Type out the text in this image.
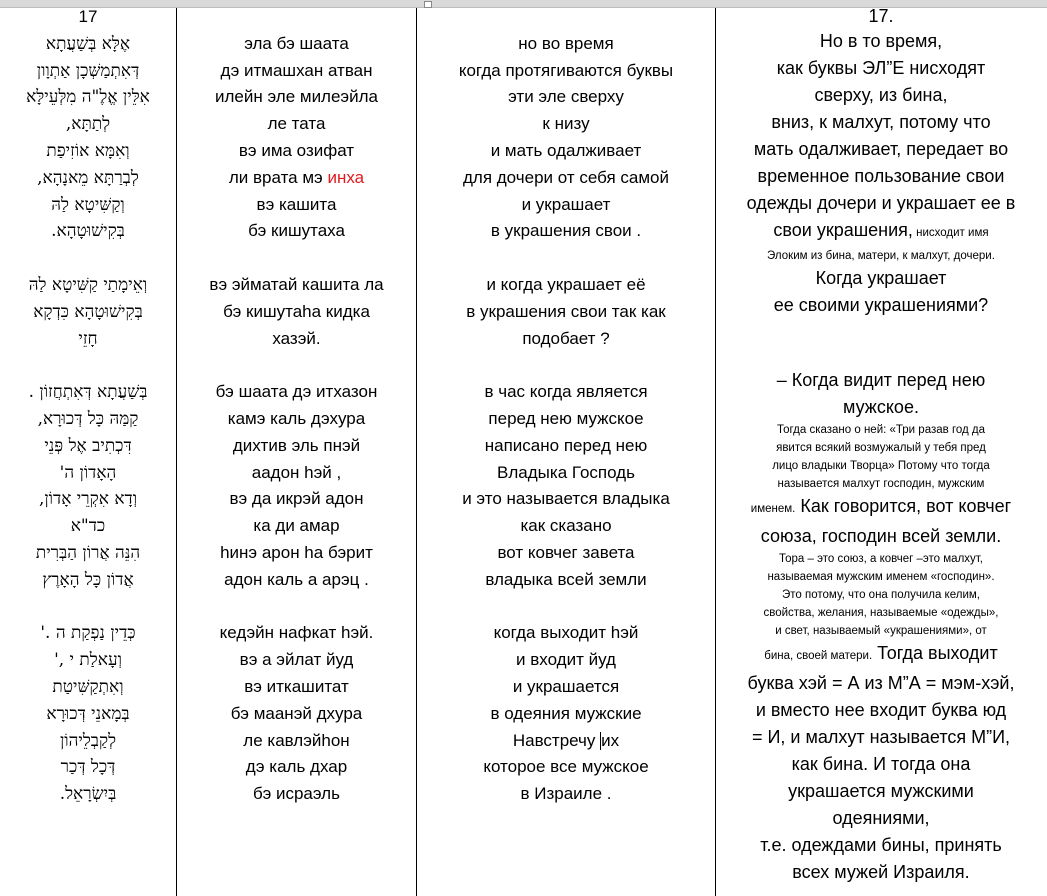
17
אֶלָּא בְּשַׁעֲתָא
דְּאִתְמַשְּׁכָן אַתְוָון
אִלֵּין אֱלֶ"ה מִלְּעֵילָּא
לְתַתָּא,
וְאִמָּא אוֹזִיפַת
לְבְרַתָּא מֵאנָהָא,
וְקַשִּׁיטָא לַהּ
בְּקִישׁוּטָהָא.

וְאֵימָתַי קַשִּׁיטָא לַהּ
בְּקִישׁוּטָהָא כִּדְקָא
חָזֵי

בְּשַׁעֲתָא דְּאִתְחֲזוֹן .
קַמַּהּ כָּל דְּכוּרָא,
דִּכְתִיב אֶל פְּנֵי
הָאָדוֹן ה'
וְדָא אִקְרֵי אָדוֹן,
כד"א
הִנֵּה אֲרוֹן הַבְּרִית
אֲדוֹן כָּל הָאָרֶץ

כְּדֵין נַפְקַת ה .'
וְעָאלַת י ,'
וְאִתְקַשִּׁיטַת
בְּמָאנֵי דְּכוּרָא
לְקַבְלֵיהוֹן
דְּכָל דְּכַר
בְּיִשְׂרָאֵל.

эла бэ шаата
дэ итмашхан атван
илейн эле милеэйла
ле тата
вэ има озифат
ли врата мэ инха
вэ кашита
бэ кишутаха

вэ эйматай кашита ла
бэ кишутаһа кидка
хазэй.

бэ шаата дэ итхазон
камэ каль дэхура
дихтив эль пнэй
аадон һэй ,
вэ да икрэй адон
ка ди амар
һинэ арон һа бэрит
адон каль а арэц .

кедэйн нафкат һэй.
вэ а эйлат йуд
вэ иткашитат
бэ маанэй дхура
ле кавлэйһон
дэ каль дхар
бэ исраэль

но во время
когда протягиваются буквы
эти эле сверху
к низу
и мать одалживает
для дочери от себя самой
и украшает
в украшения свои .

и когда украшает её
в украшения свои так как
подобает ?

в час когда является
перед нею мужское
написано перед нею
Владыка Господь
и это называется владыка
как сказано
вот ковчег завета
владыка всей земли

когда выходит һэй
и входит йуд
и украшается
в одеяния мужские
Навстречу их
которое все мужское
в Израиле .
17.
Но в то время,
как буквы ЭЛ”Е нисходят
сверху, из бина,
вниз, к малхут, потому что
мать одалживает, передает во
временное пользование свои
одежды дочери и украшает ее в
свои украшения, нисходит имя
Элоким из бина, матери, к малхут, дочери.
Когда украшает
ее своими украшениями?

– Когда видит перед нею
мужское.
Тогда сказано о ней: «Три разав год да
явится всякий возмужалый у тебя пред
лицо владыки Творца» Потому что тогда
называется малхут господин, мужским
именем. Как говорится, вот ковчег
союза, господин всей земли.
Тора – это союз, а ковчег –это малхут,
называемая мужским именем «господин».
Это потому, что она получила келим,
свойства, желания, называемые «одежды»,
и свет, называемый «украшениями», от
бина, своей матери. Тогда выходит
буква хэй = А из М”А = мэм-хэй,
и вместо нее входит буква юд
= И, и малхут называется М”И,
как бина. И тогда она
украшается мужскими
одеяниями,
т.е. одеждами бины, принять
всех мужей Израиля.
